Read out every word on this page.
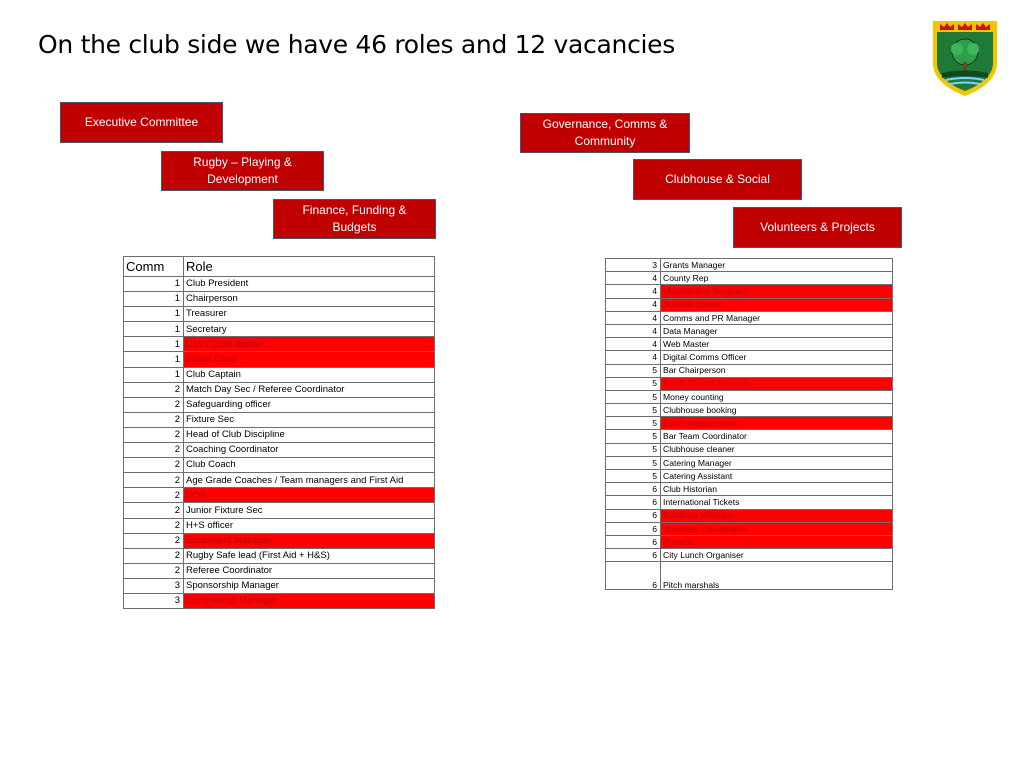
On the club side we have 46 roles and 12 vacancies
Executive Committee
Rugby – Playing & Development
Finance, Funding & Budgets
Governance, Comms & Community
Clubhouse & Social
Volunteers & Projects
Comm	Role
1	Club President
1	Chairperson
1	Treasurer
1	Secretary
1	U19 / Colts liasion
1	Junior Chair
1	Club Captain
2	Match Day Sec / Referee Coordinator
2	Safeguarding officer
2	Fixture Sec
2	Head of Club Discipline
2	Coaching Coordinator
2	Club Coach
2	Age Grade Coaches / Team managers and First Aid
2	DOR
2	Junior Fixture Sec
2	H+S officer
2	Equipment Manager
2	Rugby Safe lead (First Aid + H&S)
2	Referee Coordinator
3	Sponsorship Manager
3	Commercial Manager
3	Grants Manager
4	County Rep
4	Membership Secerary
4	Schools Liasion
4	Comms and PR Manager
4	Data Manager
4	Web Master
4	Digital Comms Officer
5	Bar Chairperson
5	Social Events Manager
5	Money counting
5	Clubhouse booking
5	Event management
5	Bar Team Coordinator
5	Clubhouse cleaner
5	Catering Manager
5	Catering Assistant
6	Club Historian
6	International Tickets
6	Buildings Manager
6	Volunteer Coordinator
6	Projects
6	City Lunch Organiser
6	Pitch marshals
